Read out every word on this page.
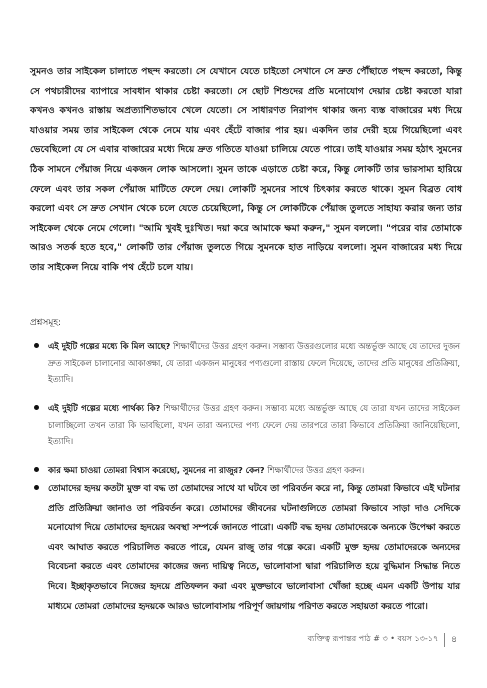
সুমনও তার সাইকেল চালাতে পছন্দ করতো। সে যেখানে যেতে চাইতো সেখানে সে দ্রুত পৌঁছাতে পছন্দ করতো, কিন্তু সে পথচারীদের ব্যাপারে সাবধান থাকার চেষ্টা করতো। সে ছোট শিশুদের প্রতি মনোযোগ দেয়ার চেষ্টা করতো যারা কখনও কখনও রাস্তায় অপ্রত্যাশিতভাবে খেলে যেতো। সে সাধারণত নিরাপদ থাকার জন্য ব্যস্ত বাজারের মধ্য দিয়ে যাওয়ার সময় তার সাইকেল থেকে নেমে যায় এবং হেঁটে বাজার পার হয়। একদিন তার দেরী হয়ে গিয়েছিলো এবং ভেবেছিলো যে সে এবার বাজারের মধ্যে দিয়ে দ্রুত গতিতে যাওয়া চালিয়ে যেতে পারে। তাই যাওয়ার সময় হঠাৎ সুমনের ঠিক সামনে পেঁয়াজ নিয়ে একজন লোক আসলো। সুমন তাকে এড়াতে চেষ্টা করে, কিন্তু লোকটি তার ভারসাম্য হারিয়ে ফেলে এবং তার সকল পেঁয়াজ মাটিতে ফেলে দেয়। লোকটি সুমনের সাথে চিৎকার করতে থাকে। সুমন বিব্রত বোধ করলো এবং সে দ্রুত সেখান থেকে চলে যেতে চেয়েছিলো, কিন্তু সে লোকটিকে পেঁয়াজ তুলতে সাহায্য করার জন্য তার সাইকেল থেকে নেমে গেলো। "আমি খুবই দুঃখিত। দয়া করে আমাকে ক্ষমা করুন," সুমন বললো। "পরের বার তোমাকে আরও সতর্ক হতে হবে," লোকটি তার পেঁয়াজ তুলতে গিয়ে সুমনকে হাত নাড়িয়ে বললো। সুমন বাজারের মধ্য দিয়ে তার সাইকেল নিয়ে বাকি পথ হেঁটে চলে যায়।

প্রশ্নসমূহ:

এই দুইটি গল্পের মধ্যে কি মিল আছে? শিক্ষার্থীদের উত্তর গ্রহণ করুন। সম্ভাব্য উত্তরগুলোর মধ্যে অন্তর্ভুক্ত আছে যে তাদের দুজন দ্রুত সাইকেল চালানোর আকাঙ্ক্ষা, যে তারা একজন মানুষের পণ্যগুলো রাস্তায় ফেলে দিয়েছে, তাদের প্রতি মানুষের প্রতিক্রিয়া, ইত্যাদি।
এই দুইটি গল্পের মধ্যে পার্থক্য কি? শিক্ষার্থীদের উত্তর গ্রহণ করুন। সম্ভাব্য মধ্যে অন্তর্ভুক্ত আছে যে তারা যখন তাদের সাইকেল চালাচ্ছিলো তখন তারা কি ভাবছিলো, যখন তারা অন্যদের পণ্য ফেলে দেয় তারপরে তারা কিভাবে প্রতিক্রিয়া জানিয়েছিলো, ইত্যাদি।
কার ক্ষমা চাওয়া তোমরা বিশ্বাস করেছো, সুমনের না রাজুর? কেন? শিক্ষার্থীদের উত্তর গ্রহণ করুন।
তোমাদের হৃদয় কতটা মুক্ত বা বদ্ধ তা তোমাদের সাথে যা ঘটবে তা পরিবর্তন করে না, কিন্তু তোমরা কিভাবে এই ঘটনার প্রতি প্রতিক্রিয়া জানাও তা পরিবর্তন করে। তোমাদের জীবনের ঘটনাগুলিতে তোমরা কিভাবে সাড়া দাও সেদিকে মনোযোগ দিয়ে তোমাদের হৃদয়ের অবস্থা সম্পর্কে জানতে পারো। একটি বদ্ধ হৃদয় তোমাদেরকে অন্যকে উপেক্ষা করতে এবং আঘাত করতে পরিচালিত করতে পারে, যেমন রাজু তার গল্পে করে। একটি মুক্ত হৃদয় তোমাদেরকে অন্যদের বিবেচনা করতে এবং তোমাদের কাজের জন্য দায়িত্ব নিতে, ভালোবাসা দ্বারা পরিচালিত হয়ে বুদ্ধিমান সিদ্ধান্ত নিতে দিবে। ইচ্ছাকৃতভাবে নিজের হৃদয়ে প্রতিফলন করা এবং মুক্তভাবে ভালোবাসা খোঁজা হচ্ছে এমন একটি উপায় যার মাধ্যমে তোমরা তোমাদের হৃদয়কে আরও ভালোবাসায় পরিপূর্ণ জায়গায় পরিণত করতে সহায়তা করতে পারো।
ব্যক্তিত্ব রূপান্তর পাঠ # ৩ • বয়স ১৩-১৭ ৪
